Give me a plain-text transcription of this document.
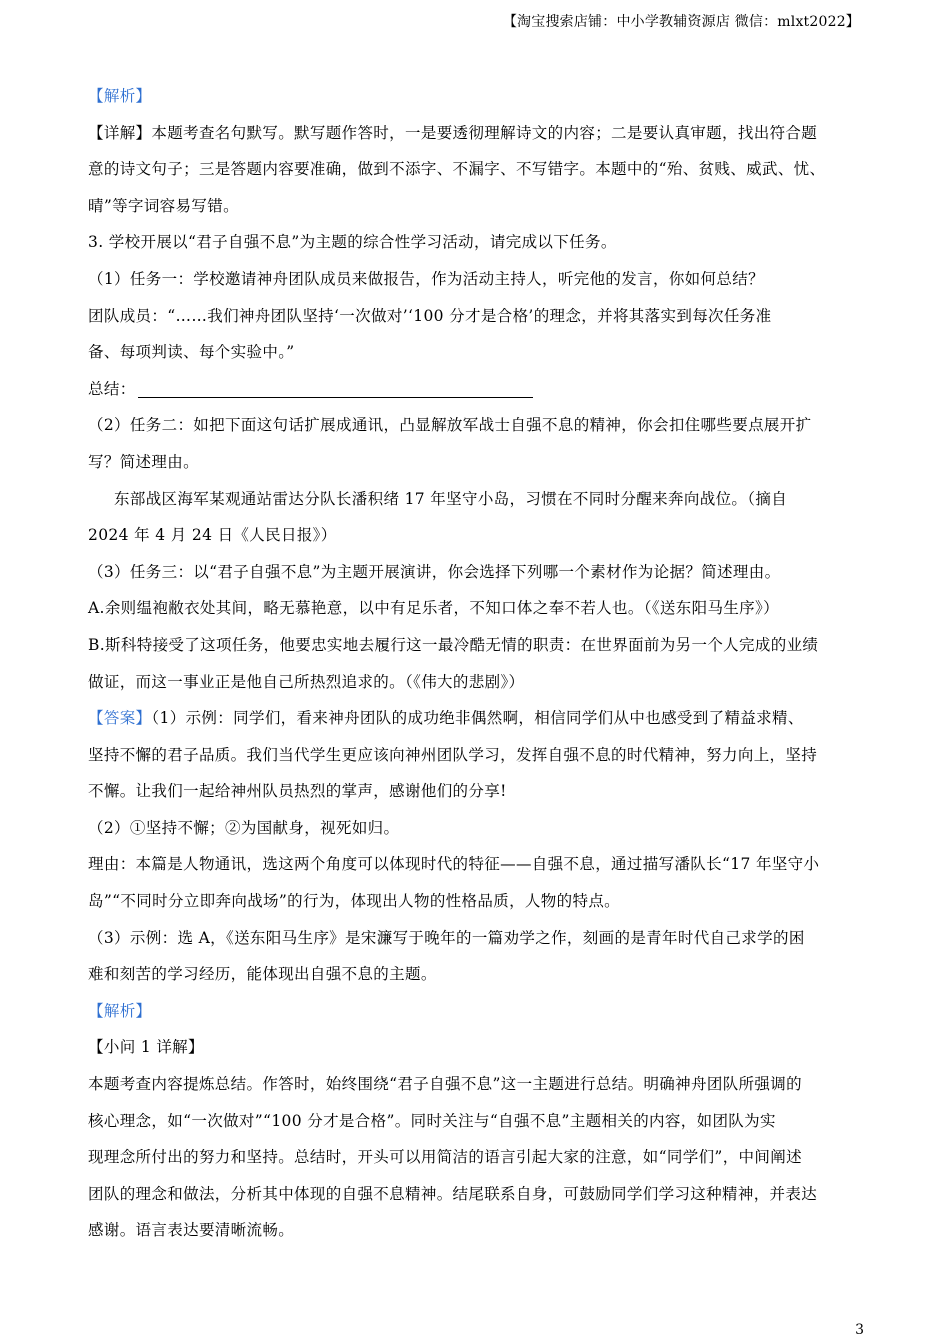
【淘宝搜索店铺：中小学教辅资源店 微信：mlxt2022】
【解析】
【详解】本题考查名句默写。默写题作答时，一是要透彻理解诗文的内容；二是要认真审题，找出符合题
意的诗文句子；三是答题内容要准确，做到不添字、不漏字、不写错字。本题中的“殆、贫贱、威武、忧、
晴”等字词容易写错。
3. 学校开展以“君子自强不息”为主题的综合性学习活动，请完成以下任务。
（1）任务一：学校邀请神舟团队成员来做报告，作为活动主持人，听完他的发言，你如何总结？
团队成员：“……我们神舟团队坚持‘一次做对’‘100 分才是合格’的理念，并将其落实到每次任务准
备、每项判读、每个实验中。”
总结：
（2）任务二：如把下面这句话扩展成通讯，凸显解放军战士自强不息的精神，你会扣住哪些要点展开扩
写？简述理由。
东部战区海军某观通站雷达分队长潘积绪 17 年坚守小岛，习惯在不同时分醒来奔向战位。（摘自
2024 年 4 月 24 日《人民日报》）
（3）任务三：以“君子自强不息”为主题开展演讲，你会选择下列哪一个素材作为论据？简述理由。
A.余则缊袍敝衣处其间，略无慕艳意，以中有足乐者，不知口体之奉不若人也。（《送东阳马生序》）
B.斯科特接受了这项任务，他要忠实地去履行这一最冷酷无情的职责：在世界面前为另一个人完成的业绩
做证，而这一事业正是他自己所热烈追求的。（《伟大的悲剧》）
【答案】（1）示例：同学们，看来神舟团队的成功绝非偶然啊，相信同学们从中也感受到了精益求精、
坚持不懈的君子品质。我们当代学生更应该向神州团队学习，发挥自强不息的时代精神，努力向上，坚持
不懈。让我们一起给神州队员热烈的掌声，感谢他们的分享!
（2）①坚持不懈；②为国献身，视死如归。
理由：本篇是人物通讯，选这两个角度可以体现时代的特征——自强不息，通过描写潘队长“17 年坚守小
岛”“不同时分立即奔向战场”的行为，体现出人物的性格品质，人物的特点。
（3）示例：选 A，《送东阳马生序》是宋濂写于晚年的一篇劝学之作，刻画的是青年时代自己求学的困
难和刻苦的学习经历，能体现出自强不息的主题。
【解析】
【小问 1 详解】
本题考查内容提炼总结。作答时，始终围绕“君子自强不息”这一主题进行总结。明确神舟团队所强调的
核心理念，如“一次做对”“100 分才是合格”。同时关注与“自强不息”主题相关的内容，如团队为实
现理念所付出的努力和坚持。总结时，开头可以用简洁的语言引起大家的注意，如“同学们”，中间阐述
团队的理念和做法，分析其中体现的自强不息精神。结尾联系自身，可鼓励同学们学习这种精神，并表达
感谢。语言表达要清晰流畅。
3
